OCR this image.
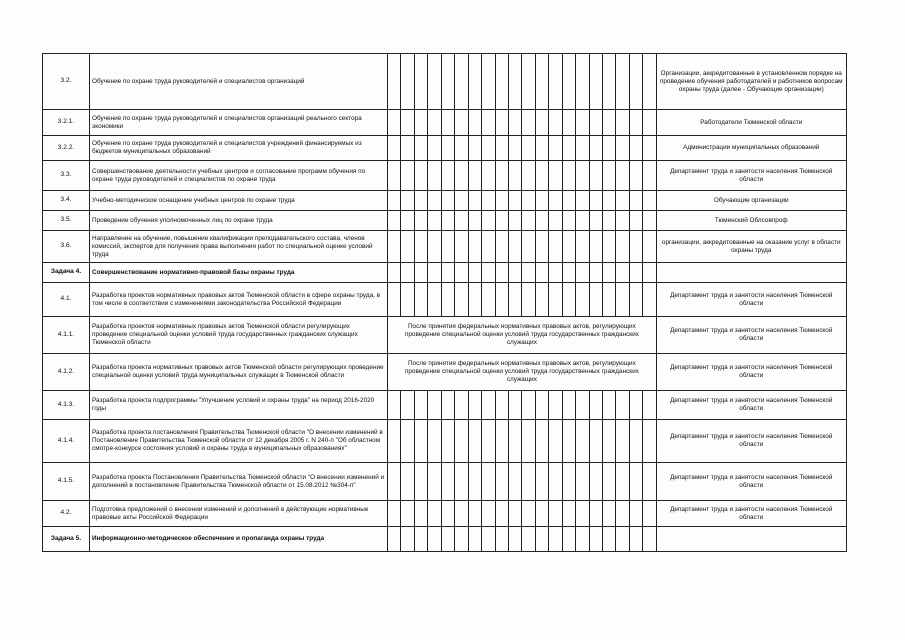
3.2.	Обучение по охране труда руководителей и специалистов организаций																					Организации, аккредитованные в установленном порядке на проведение обучения работодателей и работников вопросам охраны труда (далее - Обучающие организации)
3.2.1.	Обучение по охране труда руководителей и специалистов организаций реального сектора экономики																					Работодатели Тюменской области
3.2.2.	Обучение по охране труда руководителей и специалистов учреждений финансируемых из бюджетов муниципальных образований																					Администрации муниципальных образований
3.3.	Совершенствование деятельности учебных центров и согласование программ обучения по охране труда руководителей и специалистов по охране труда																					Департамент труда и занятости населения Тюменской области
3.4.	Учебно-методическое оснащение учебных центров по охране труда																					Обучающие организации
3.5.	Проведение обучения уполномоченных лиц по охране труда																					Тюменский Облсовпроф
3.6.	Направление на обучение, повышение квалификации преподавательского состава, членов комиссий, экспертов для получения права выполнения работ по специальной оценке условий труда																					организации, аккредитованные на оказание услуг в области охраны труда
Задача 4.	Совершенствование нормативно-правовой базы охраны труда																					
4.1.	Разработка проектов нормативных правовых актов Тюменской области в сфере охраны труда, в том числе в соответствии с изменениями законодательства Российской Федерации																					Департамент труда и занятости населения Тюменской области
4.1.1.	Разработка проектов нормативных правовых актов Тюменской области регулирующих проведение специальной оценки условий труда государственных гражданских служащих Тюменской области	После принятия федеральных нормативных правовых актов, регулирующих проведение специальной оценки условий труда государственных гражданских служащих																				Департамент труда и занятости населения Тюменской области
4.1.2.	Разработка проекта нормативных правовых актов Тюменской области регулирующих проведение специальной оценки условий труда муниципальных служащих в Тюменской области	После принятия федеральных нормативных правовых актов, регулирующих проведение специальной оценки условий труда государственных гражданских служащих																				Департамент труда и занятости населения Тюменской области
4.1.3.	Разработка проекта подпрограммы "Улучшение условий и охраны труда" на период 2016-2020 годы																					Департамент труда и занятости населения Тюменской области
4.1.4.	Разработка проекта постановления Правительства Тюменской области "О внесении изменений в Постановление Правительства Тюменской области от 12 декабря 2005 г. N 240-п "Об областном смотре-конкурсе состояния условий и охраны труда в муниципальных образованиях"																					Департамент труда и занятости населения Тюменской области
4.1.5.	Разработка проекта Постановления Правительства Тюменской области "О внесении изменений и дополнений в постановление Правительства Тюменской области от 15.08.2012 №304-п"																					Департамент труда и занятости населения Тюменской области
4.2.	Подготовка предложений о внесении изменений и дополнений в действующие нормативные правовые акты Российской Федерации																					Департамент труда и занятости населения Тюменской области
Задача 5.	Информационно-методическое обеспечение и пропаганда охраны труда																					
